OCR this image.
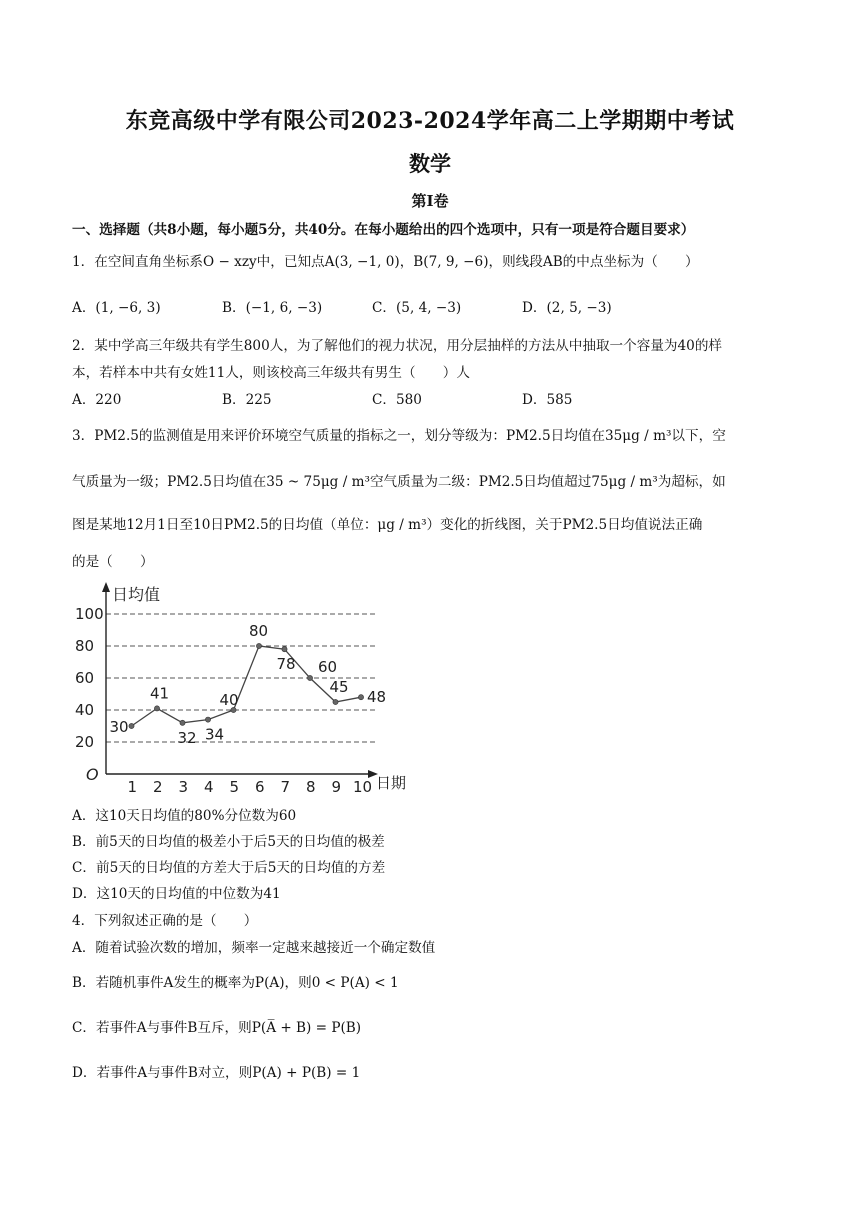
东竞高级中学有限公司2023-2024学年高二上学期期中考试
数学
第Ⅰ卷
一、选择题（共8小题，每小题5分，共40分。在每小题给出的四个选项中，只有一项是符合题目要求）
1．在空间直角坐标系O − xzy中，已知点A(3, −1, 0)，B(7, 9, −6)，则线段AB的中点坐标为（　　）
A．(1, −6, 3)	B．(−1, 6, −3)	C．(5, 4, −3)	D．(2, 5, −3)
2．某中学高三年级共有学生800人，为了解他们的视力状况，用分层抽样的方法从中抽取一个容量为40的样
本，若样本中共有女姓11人，则该校高三年级共有男生（　　）人
A．220	B．225	C．580	D．585
3．PM2.5的监测值是用来评价环境空气质量的指标之一，划分等级为：PM2.5日均值在35μg / m³以下，空
气质量为一级；PM2.5日均值在35 ~ 75μg / m³空气质量为二级：PM2.5日均值超过75μg / m³为超标，如
图是某地12月1日至10日PM2.5的日均值（单位：μg / m³）变化的折线图，关于PM2.5日均值说法正确
的是（　　）
日均值
日期
O
20
40
60
80
100
1 2 3 4 5 6 7 8 9 10
30
41
32 34
40
80
78 60
45
48
A．这10天日均值的80%分位数为60
B．前5天的日均值的极差小于后5天的日均值的极差
C．前5天的日均值的方差大于后5天的日均值的方差
D．这10天的日均值的中位数为41
4．下列叙述正确的是（　　）
A．随着试验次数的增加，频率一定越来越接近一个确定数值
B．若随机事件A发生的概率为P(A)，则0 < P(A) < 1
C．若事件A与事件B互斥，则P(A̅ + B) = P(B)
D．若事件A与事件B对立，则P(A) + P(B) = 1
